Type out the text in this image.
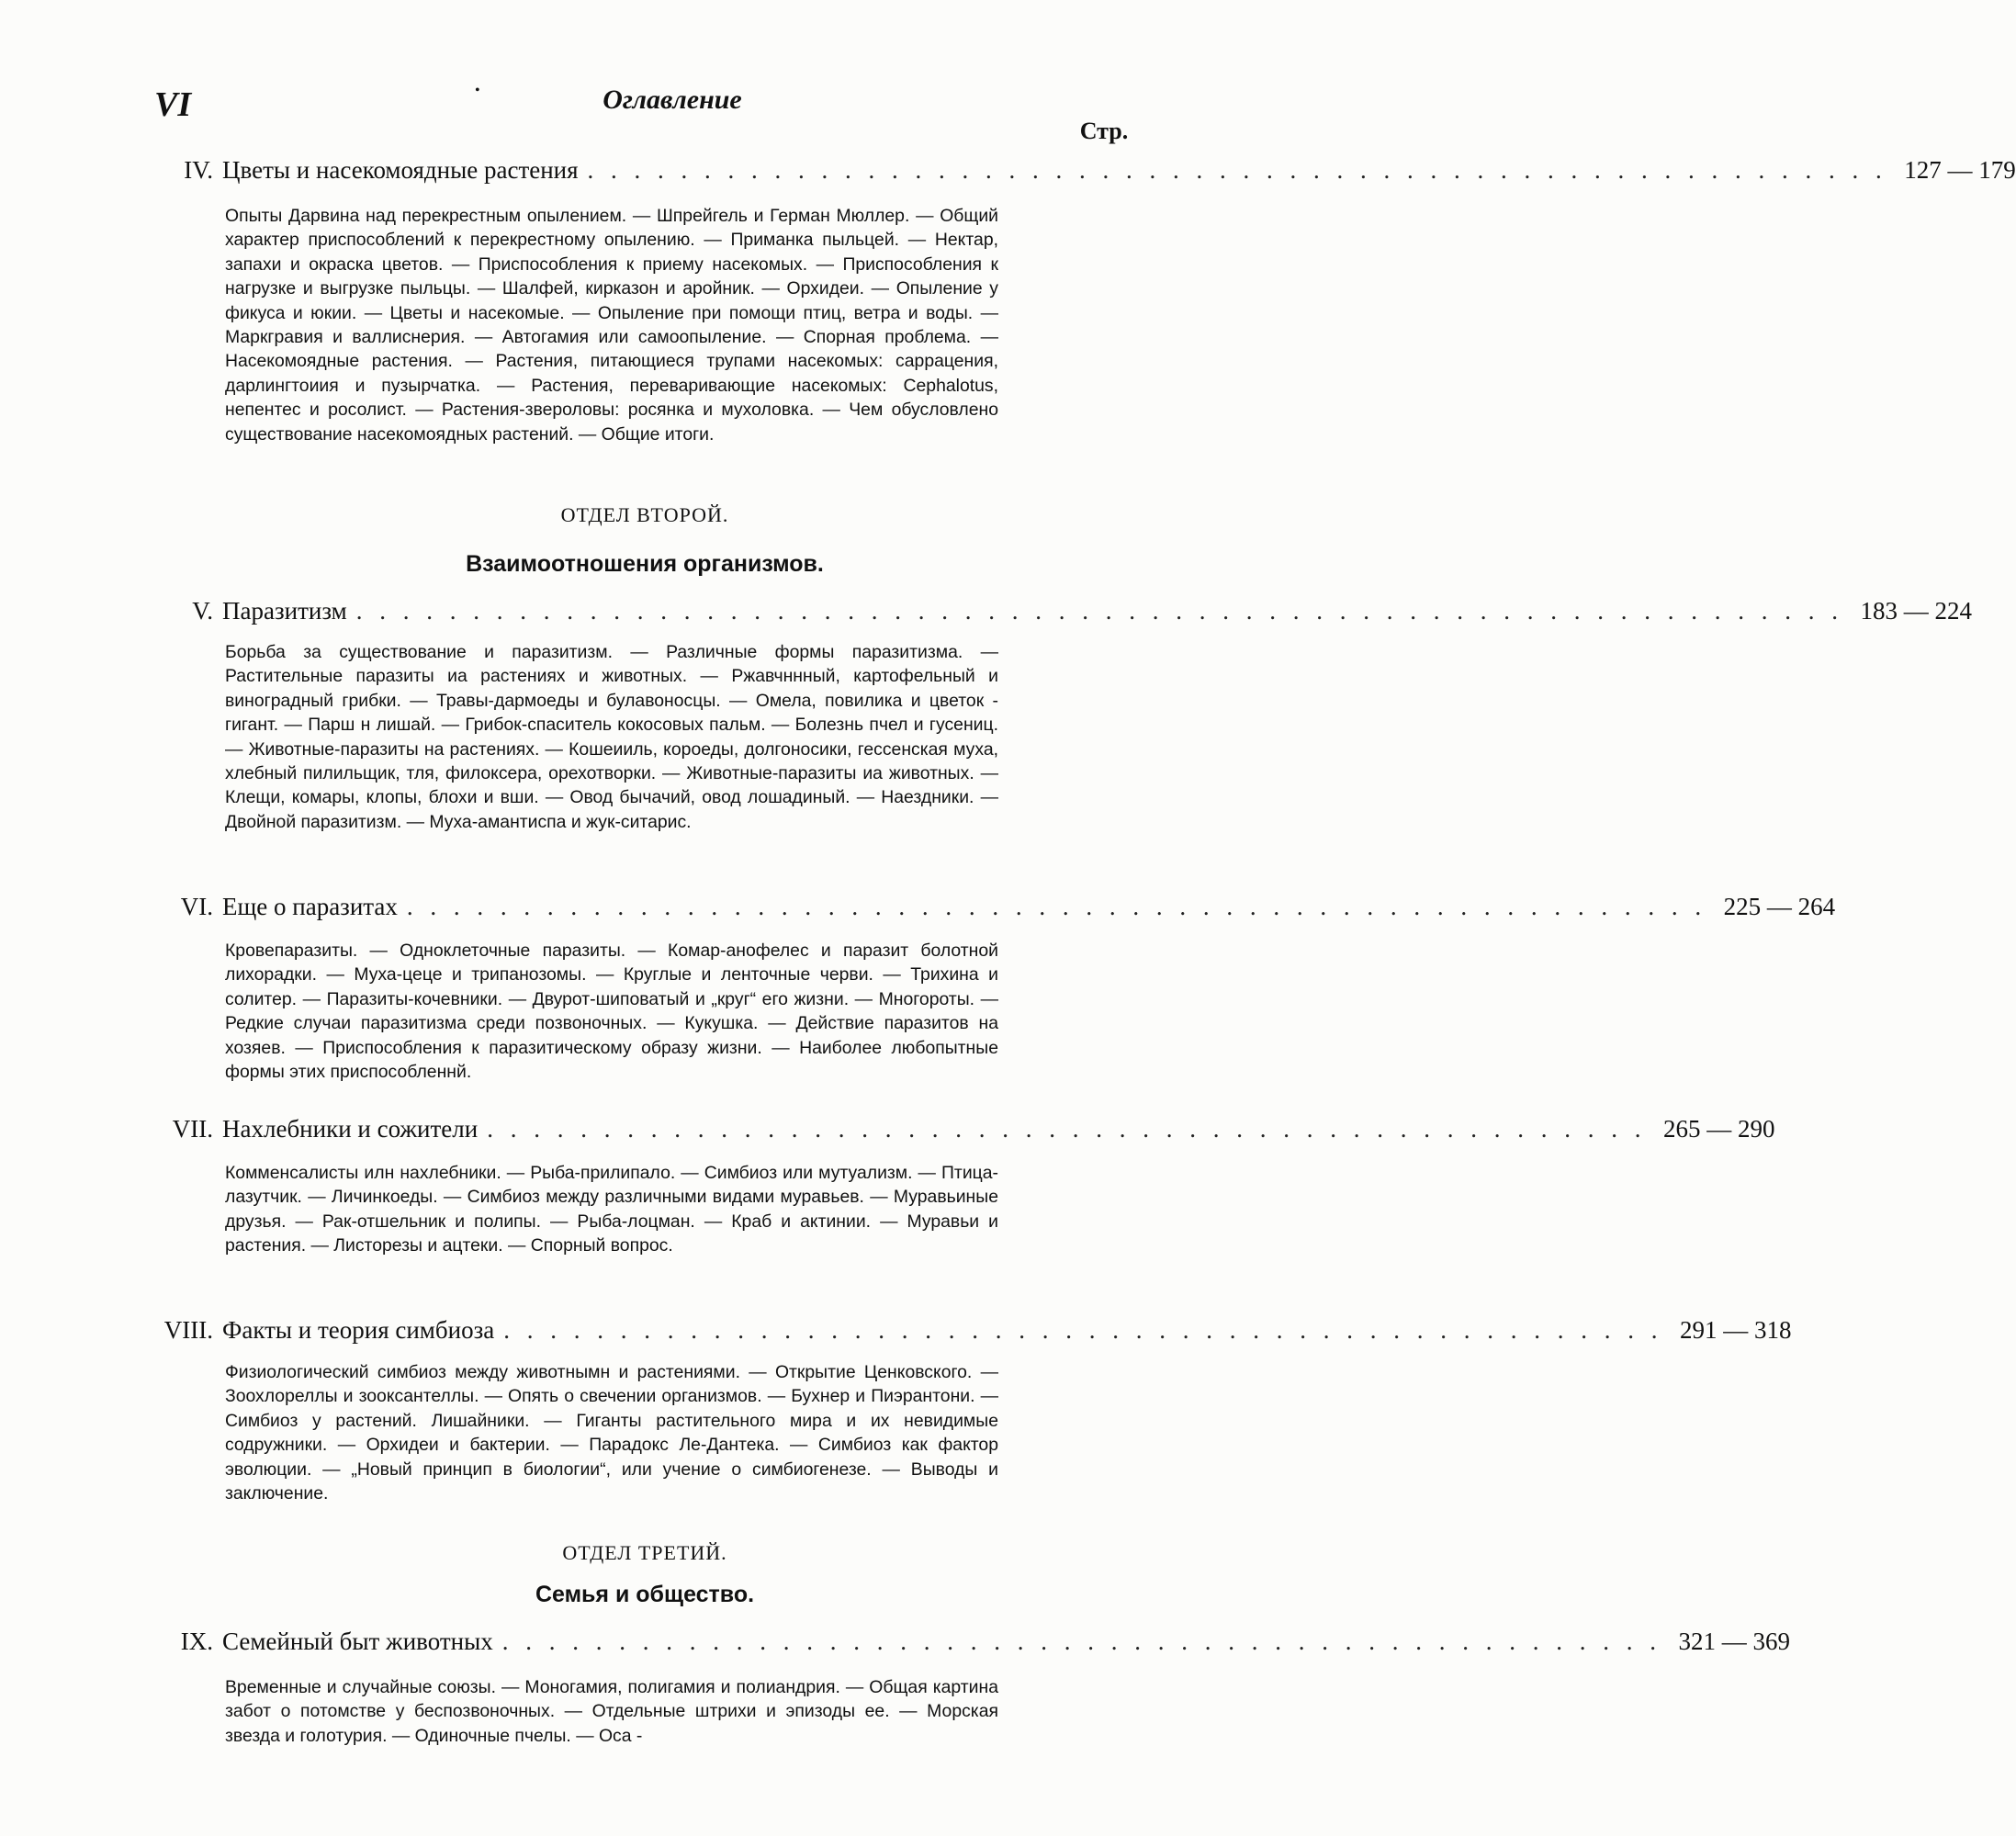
VI	•	Оглавление
Стр.
IV. Цветы и насекомоядные растения . . . . . . . . . . . . . . . . . . . . . . . . . . . . . . . . . . . . . . . . . . . . . . . . . . . . . . . . 127 — 179
Опыты Дарвина над перекрестным опылением. — Шпрейгель и Герман Мюллер. — Общий характер приспособлений к перекрестному опылению. — Приманка пыльцей. — Нектар, запахи и окраска цветов. — Приспособления к приему насекомых. — Приспособления к нагрузке и выгрузке пыльцы. — Шалфей, кирказон и аройник. — Орхидеи. — Опыление у фикуса и юкии. — Цветы и насекомые. — Опыление при помощи птиц, ветра и воды. — Маркгравия и валлиснерия. — Автогамия или самоопыление. — Спорная проблема. — Насекомоядные растения. — Растения, питающиеся трупами насекомых: саррацения, дарлингтоиия и пузырчатка. — Растения, переваривающие насекомых: Cephalotus, непентес и росолист. — Растения-звероловы: росянка и мухоловка. — Чем обусловлено существование насекомоядных растений. — Общие итоги.
ОТДЕЛ ВТОРОЙ.
Взаимоотношения организмов.
V. Паразитизм . . . . . . . . . . . . . . . . . . . . . . . . . . . . . . . . . . . . . . . . . . . . . . . . . . . . . . . . . . . . . . . . 183 — 224
Борьба за существование и паразитизм. — Различные формы паразитизма. — Растительные паразиты иа растениях и животных. — Ржавчннный, картофельный и виноградный грибки. — Травы-дармоеды и булавоносцы. — Омела, повилика и цветок - гигант. — Парш н лишай. — Грибок-спаситель кокосовых пальм. — Болезнь пчел и гусениц. — Животные-паразиты на растениях. — Кошеииль, короеды, долгоносики, гессенская муха, хлебный пилильщик, тля, филоксера, орехотворки. — Животные-паразиты иа животных. — Клещи, комары, клопы, блохи и вши. — Овод бычачий, овод лошадиный. — Наездники. — Двойной паразитизм. — Муха-амантиспа и жук-ситарис.
VI. Еще о паразитах . . . . . . . . . . . . . . . . . . . . . . . . . . . . . . . . . . . . . . . . . . . . . . . . . . . . . . . . 225 — 264
Кровепаразиты. — Одноклеточные паразиты. — Комар-анофелес и паразит болотной лихорадки. — Муха-цеце и трипанозомы. — Круглые и ленточные черви. — Трихина и солитер. — Паразиты-кочевники. — Двурот-шиповатый и „круг“ его жизни. — Многороты. — Редкие случаи паразитизма среди позвоночных. — Кукушка. — Действие паразитов на хозяев. — Приспособления к паразитическому образу жизни. — Наиболее любопытные формы этих приспособленнй.
VII. Нахлебники и сожители . . . . . . . . . . . . . . . . . . . . . . . . . . . . . . . . . . . . . . . . . . . . . . . . . . 265 — 290
Комменсалисты илн нахлебники. — Рыба-прилипало. — Симбиоз или мутуализм. — Птица-лазутчик. — Личинкоеды. — Симбиоз между различными видами муравьев. — Муравьиные друзья. — Рак-отшельник и полипы. — Рыба-лоцман. — Краб и актинии. — Муравьи и растения. — Листорезы и ацтеки. — Спорный вопрос.
VIII. Факты и теория симбиоза . . . . . . . . . . . . . . . . . . . . . . . . . . . . . . . . . . . . . . . . . . . . . . . . . . 291 — 318
Физиологический симбиоз между животнымн и растениями. — Открытие Ценковского. — Зоохлореллы и зооксантеллы. — Опять о свечении организмов. — Бухнер и Пиэрантони. — Симбиоз у растений. Лишайники. — Гиганты растительного мира и их невидимые содружники. — Орхидеи и бактерии. — Парадокс Ле-Дантека. — Симбиоз как фактор эволюции. — „Новый принцип в биологии“, или учение о симбиогенезе. — Выводы и заключение.
ОТДЕЛ ТРЕТИЙ.
Семья и общество.
IX. Семейный быт животных . . . . . . . . . . . . . . . . . . . . . . . . . . . . . . . . . . . . . . . . . . . . . . . . . . 321 — 369
Временные и случайные союзы. — Моногамия, полигамия и полиандрия. — Общая картина забот о потомстве у беспозвоночных. — Отдельные штрихи и эпизоды ее. — Морская звезда и голотурия. — Одиночные пчелы. — Оса -
